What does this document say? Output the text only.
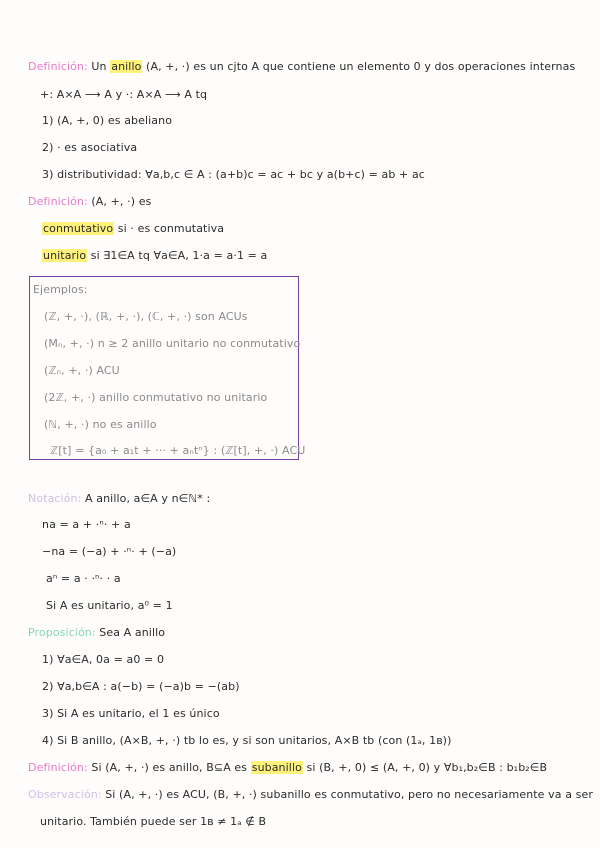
Definición: Un anillo (A, +, ·) es un cjto A que contiene un elemento 0 y dos operaciones internas
+: A×A ⟶ A y ·: A×A ⟶ A tq
1) (A, +, 0) es abeliano
2) · es asociativa
3) distributividad: ∀a,b,c ∈ A : (a+b)c = ac + bc y a(b+c) = ab + ac
Definición: (A, +, ·) es
conmutativo si · es conmutativa
unitario si ∃1∈A tq ∀a∈A, 1·a = a·1 = a
Ejemplos:
(ℤ, +, ·), (ℝ, +, ·), (ℂ, +, ·) son ACUs
(Mₙ, +, ·) n ≥ 2 anillo unitario no conmutativo
(ℤₙ, +, ·) ACU
(2ℤ, +, ·) anillo conmutativo no unitario
(ℕ, +, ·) no es anillo
ℤ[t] = {a₀ + a₁t + ··· + aₙtⁿ} : (ℤ[t], +, ·) ACU
Notación: A anillo, a∈A y n∈ℕ* :
na = a + ·ⁿ· + a
−na = (−a) + ·ⁿ· + (−a)
aⁿ = a · ·ⁿ· · a
Si A es unitario, a⁰ = 1
Proposición: Sea A anillo
1) ∀a∈A, 0a = a0 = 0
2) ∀a,b∈A : a(−b) = (−a)b = −(ab)
3) Si A es unitario, el 1 es único
4) Si B anillo, (A×B, +, ·) tb lo es, y si son unitarios, A×B tb (con (1ₐ, 1ʙ))
Definición: Si (A, +, ·) es anillo, B⊆A es subanillo si (B, +, 0) ≤ (A, +, 0) y ∀b₁,b₂∈B : b₁b₂∈B
Observación: Si (A, +, ·) es ACU, (B, +, ·) subanillo es conmutativo, pero no necesariamente va a ser
unitario. También puede ser 1ʙ ≠ 1ₐ ∉ B
